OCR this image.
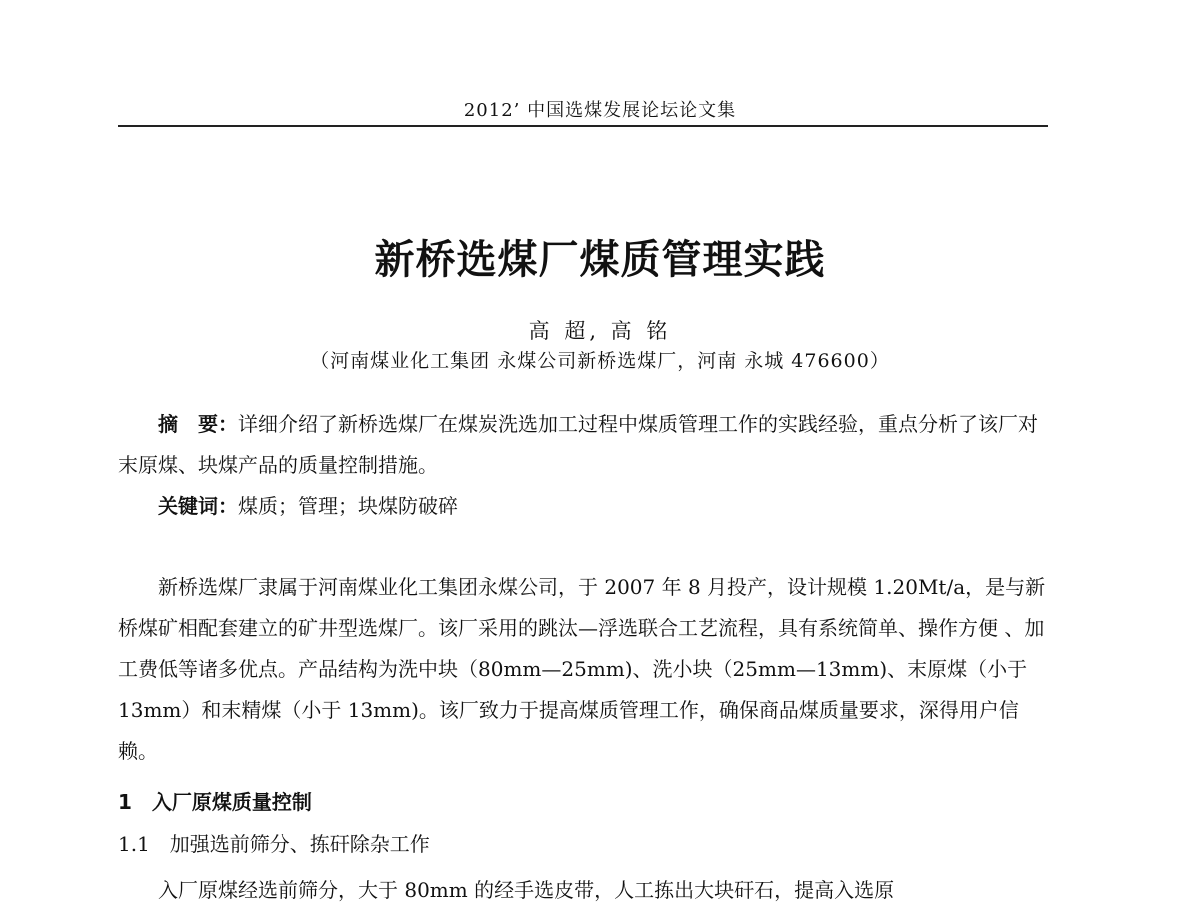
2012’ 中国选煤发展论坛论文集
新桥选煤厂煤质管理实践
高 超, 高 铭
（河南煤业化工集团 永煤公司新桥选煤厂，河南 永城 476600）
摘　要：详细介绍了新桥选煤厂在煤炭洗选加工过程中煤质管理工作的实践经验，重点分析了该厂对末原煤、块煤产品的质量控制措施。
关键词：煤质；管理；块煤防破碎
新桥选煤厂隶属于河南煤业化工集团永煤公司，于 2007 年 8 月投产，设计规模 1.20Mt/a，是与新桥煤矿相配套建立的矿井型选煤厂。该厂采用的跳汰—浮选联合工艺流程，具有系统简单、操作方便 、加工费低等诸多优点。产品结构为洗中块（80mm—25mm)、洗小块（25mm—13mm)、末原煤（小于 13mm）和末精煤（小于 13mm)。该厂致力于提高煤质管理工作，确保商品煤质量要求，深得用户信赖。
1　入厂原煤质量控制
1.1　加强选前筛分、拣矸除杂工作
入厂原煤经选前筛分，大于 80mm 的经手选皮带，人工拣出大块矸石，提高入选原
